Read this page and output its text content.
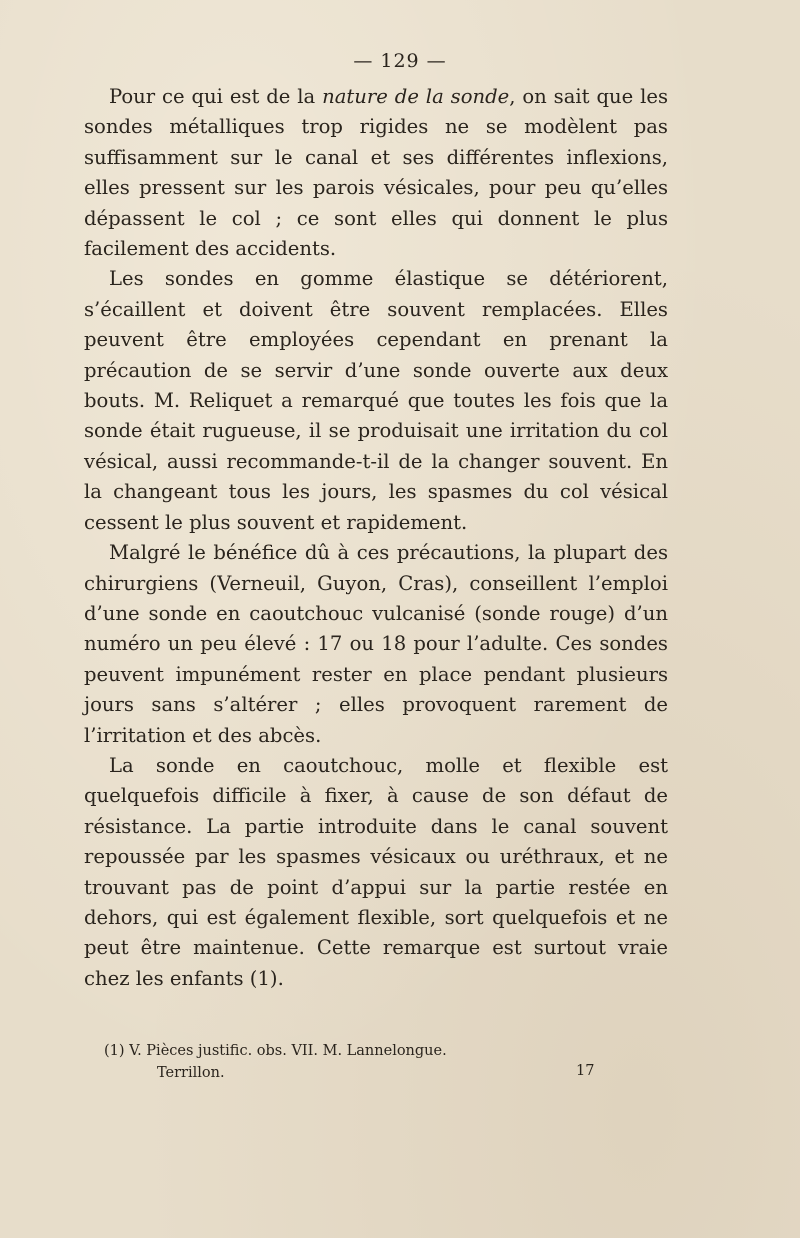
— 129 —

Pour ce qui est de la nature de la sonde, on sait que les sondes métalliques trop rigides ne se modèlent pas suffisamment sur le canal et ses différentes inflexions, elles pressent sur les parois vésicales, pour peu qu’elles dépassent le col ; ce sont elles qui donnent le plus facilement des accidents.

Les sondes en gomme élastique se détériorent, s’écaillent et doivent être souvent remplacées. Elles peuvent être employées cependant en prenant la précaution de se servir d’une sonde ouverte aux deux bouts. M. Reliquet a remarqué que toutes les fois que la sonde était rugueuse, il se produisait une irritation du col vésical, aussi recommande-t-il de la changer souvent. En la changeant tous les jours, les spasmes du col vésical cessent le plus souvent et rapidement.

Malgré le bénéfice dû à ces précautions, la plupart des chirurgiens (Verneuil, Guyon, Cras), conseillent l’emploi d’une sonde en caoutchouc vulcanisé (sonde rouge) d’un numéro un peu élevé : 17 ou 18 pour l’adulte. Ces sondes peuvent impunément rester en place pendant plusieurs jours sans s’altérer ; elles provoquent rarement de l’irritation et des abcès.

La sonde en caoutchouc, molle et flexible est quelquefois difficile à fixer, à cause de son défaut de résistance. La partie introduite dans le canal souvent repoussée par les spasmes vésicaux ou uréthraux, et ne trouvant pas de point d’appui sur la partie restée en dehors, qui est également flexible, sort quelquefois et ne peut être maintenue. Cette remarque est surtout vraie chez les enfants (1).

(1) V. Pièces justific. obs. VII. M. Lannelongue.

Terrillon.	17
